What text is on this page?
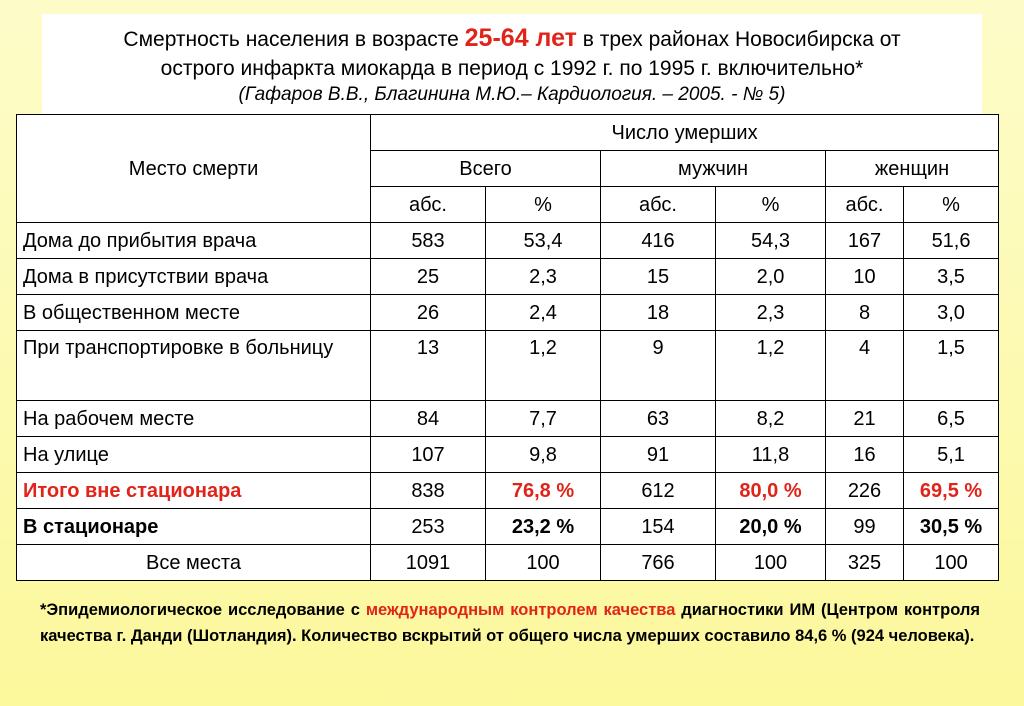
Смертность населения в возрасте 25-64 лет в трех районах Новосибирска от
острого инфаркта миокарда в период с 1992 г. по 1995 г. включительно*
(Гафаров В.В., Благинина М.Ю.– Кардиология. – 2005. - № 5)
Место смерти	Число умерших					
	Всего		мужчин		женщин	
	абс.	%	абс.	%	абс.	%
Дома до прибытия врача	583	53,4	416	54,3	167	51,6
Дома в присутствии врача	25	2,3	15	2,0	10	3,5
В общественном месте	26	2,4	18	2,3	8	3,0
При транспортировке в больницу	13	1,2	9	1,2	4	1,5
На рабочем месте	84	7,7	63	8,2	21	6,5
На улице	107	9,8	91	11,8	16	5,1
Итого вне стационара	838	76,8 %	612	80,0 %	226	69,5 %
В стационаре	253	23,2 %	154	20,0 %	99	30,5 %
Все места	1091	100	766	100	325	100
*Эпидемиологическое исследование с международным контролем качества диагностики ИМ (Центром контроля качества г. Данди (Шотландия). Количество вскрытий от общего числа умерших составило 84,6 % (924 человека).
